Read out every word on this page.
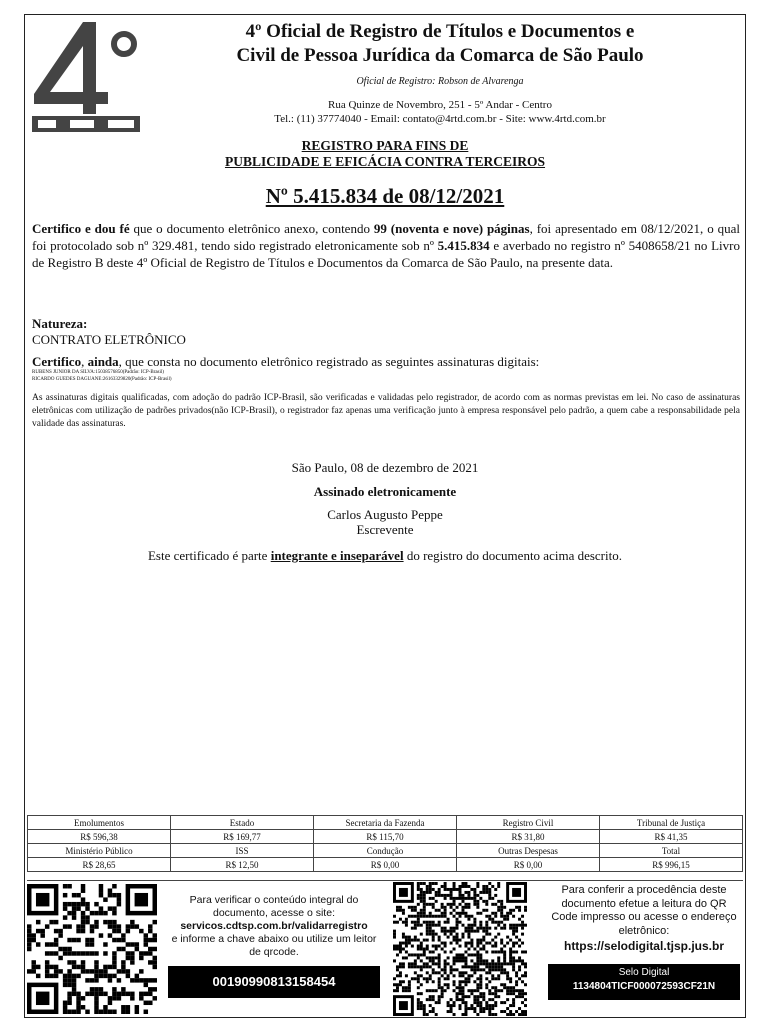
4º Oficial de Registro de Títulos e Documentos e
Civil de Pessoa Jurídica da Comarca de São Paulo
Oficial de Registro: Robson de Alvarenga
Rua Quinze de Novembro, 251 - 5º Andar - Centro
Tel.: (11) 37774040 - Email: contato@4rtd.com.br - Site: www.4rtd.com.br
REGISTRO PARA FINS DE
PUBLICIDADE E EFICÁCIA CONTRA TERCEIROS
Nº 5.415.834 de 08/12/2021
Certifico e dou fé que o documento eletrônico anexo, contendo 99 (noventa e nove) páginas, foi apresentado em 08/12/2021, o qual foi protocolado sob nº 329.481, tendo sido registrado eletronicamente sob nº 5.415.834 e averbado no registro nº 5408658/21 no Livro de Registro B deste 4º Oficial de Registro de Títulos e Documentos da Comarca de São Paulo, na presente data.
Natureza:
CONTRATO ELETRÔNICO
Certifico, ainda, que consta no documento eletrônico registrado as seguintes assinaturas digitais:
RUBENS JUNIOR DA SILVA:15038576850(Padrão: ICP-Brasil)
RICARDO GUEDES DAGUANE:26163329820(Padrão: ICP-Brasil)
As assinaturas digitais qualificadas, com adoção do padrão ICP-Brasil, são verificadas e validadas pelo registrador, de acordo com as normas previstas em lei. No caso de assinaturas eletrônicas com utilização de padrões privados(não ICP-Brasil), o registrador faz apenas uma verificação junto à empresa responsável pelo padrão, a quem cabe a responsabilidade pela validade das assinaturas.
São Paulo, 08 de dezembro de 2021
Assinado eletronicamente
Carlos Augusto Peppe
Escrevente
Este certificado é parte integrante e inseparável do registro do documento acima descrito.
Emolumentos	Estado	Secretaria da Fazenda	Registro Civil	Tribunal de Justiça
R$ 596,38	R$ 169,77	R$ 115,70	R$ 31,80	R$ 41,35
Ministério Público	ISS	Condução	Outras Despesas	Total
R$ 28,65	R$ 12,50	R$ 0,00	R$ 0,00	R$ 996,15
Para verificar o conteúdo integral do documento, acesse o site:
servicos.cdtsp.com.br/validarregistro
e informe a chave abaixo ou utilize um leitor de qrcode.
00190990813158454
Para conferir a procedência deste documento efetue a leitura do QR Code impresso ou acesse o endereço eletrônico:
https://selodigital.tjsp.jus.br
Selo Digital
1134804TICF000072593CF21N
